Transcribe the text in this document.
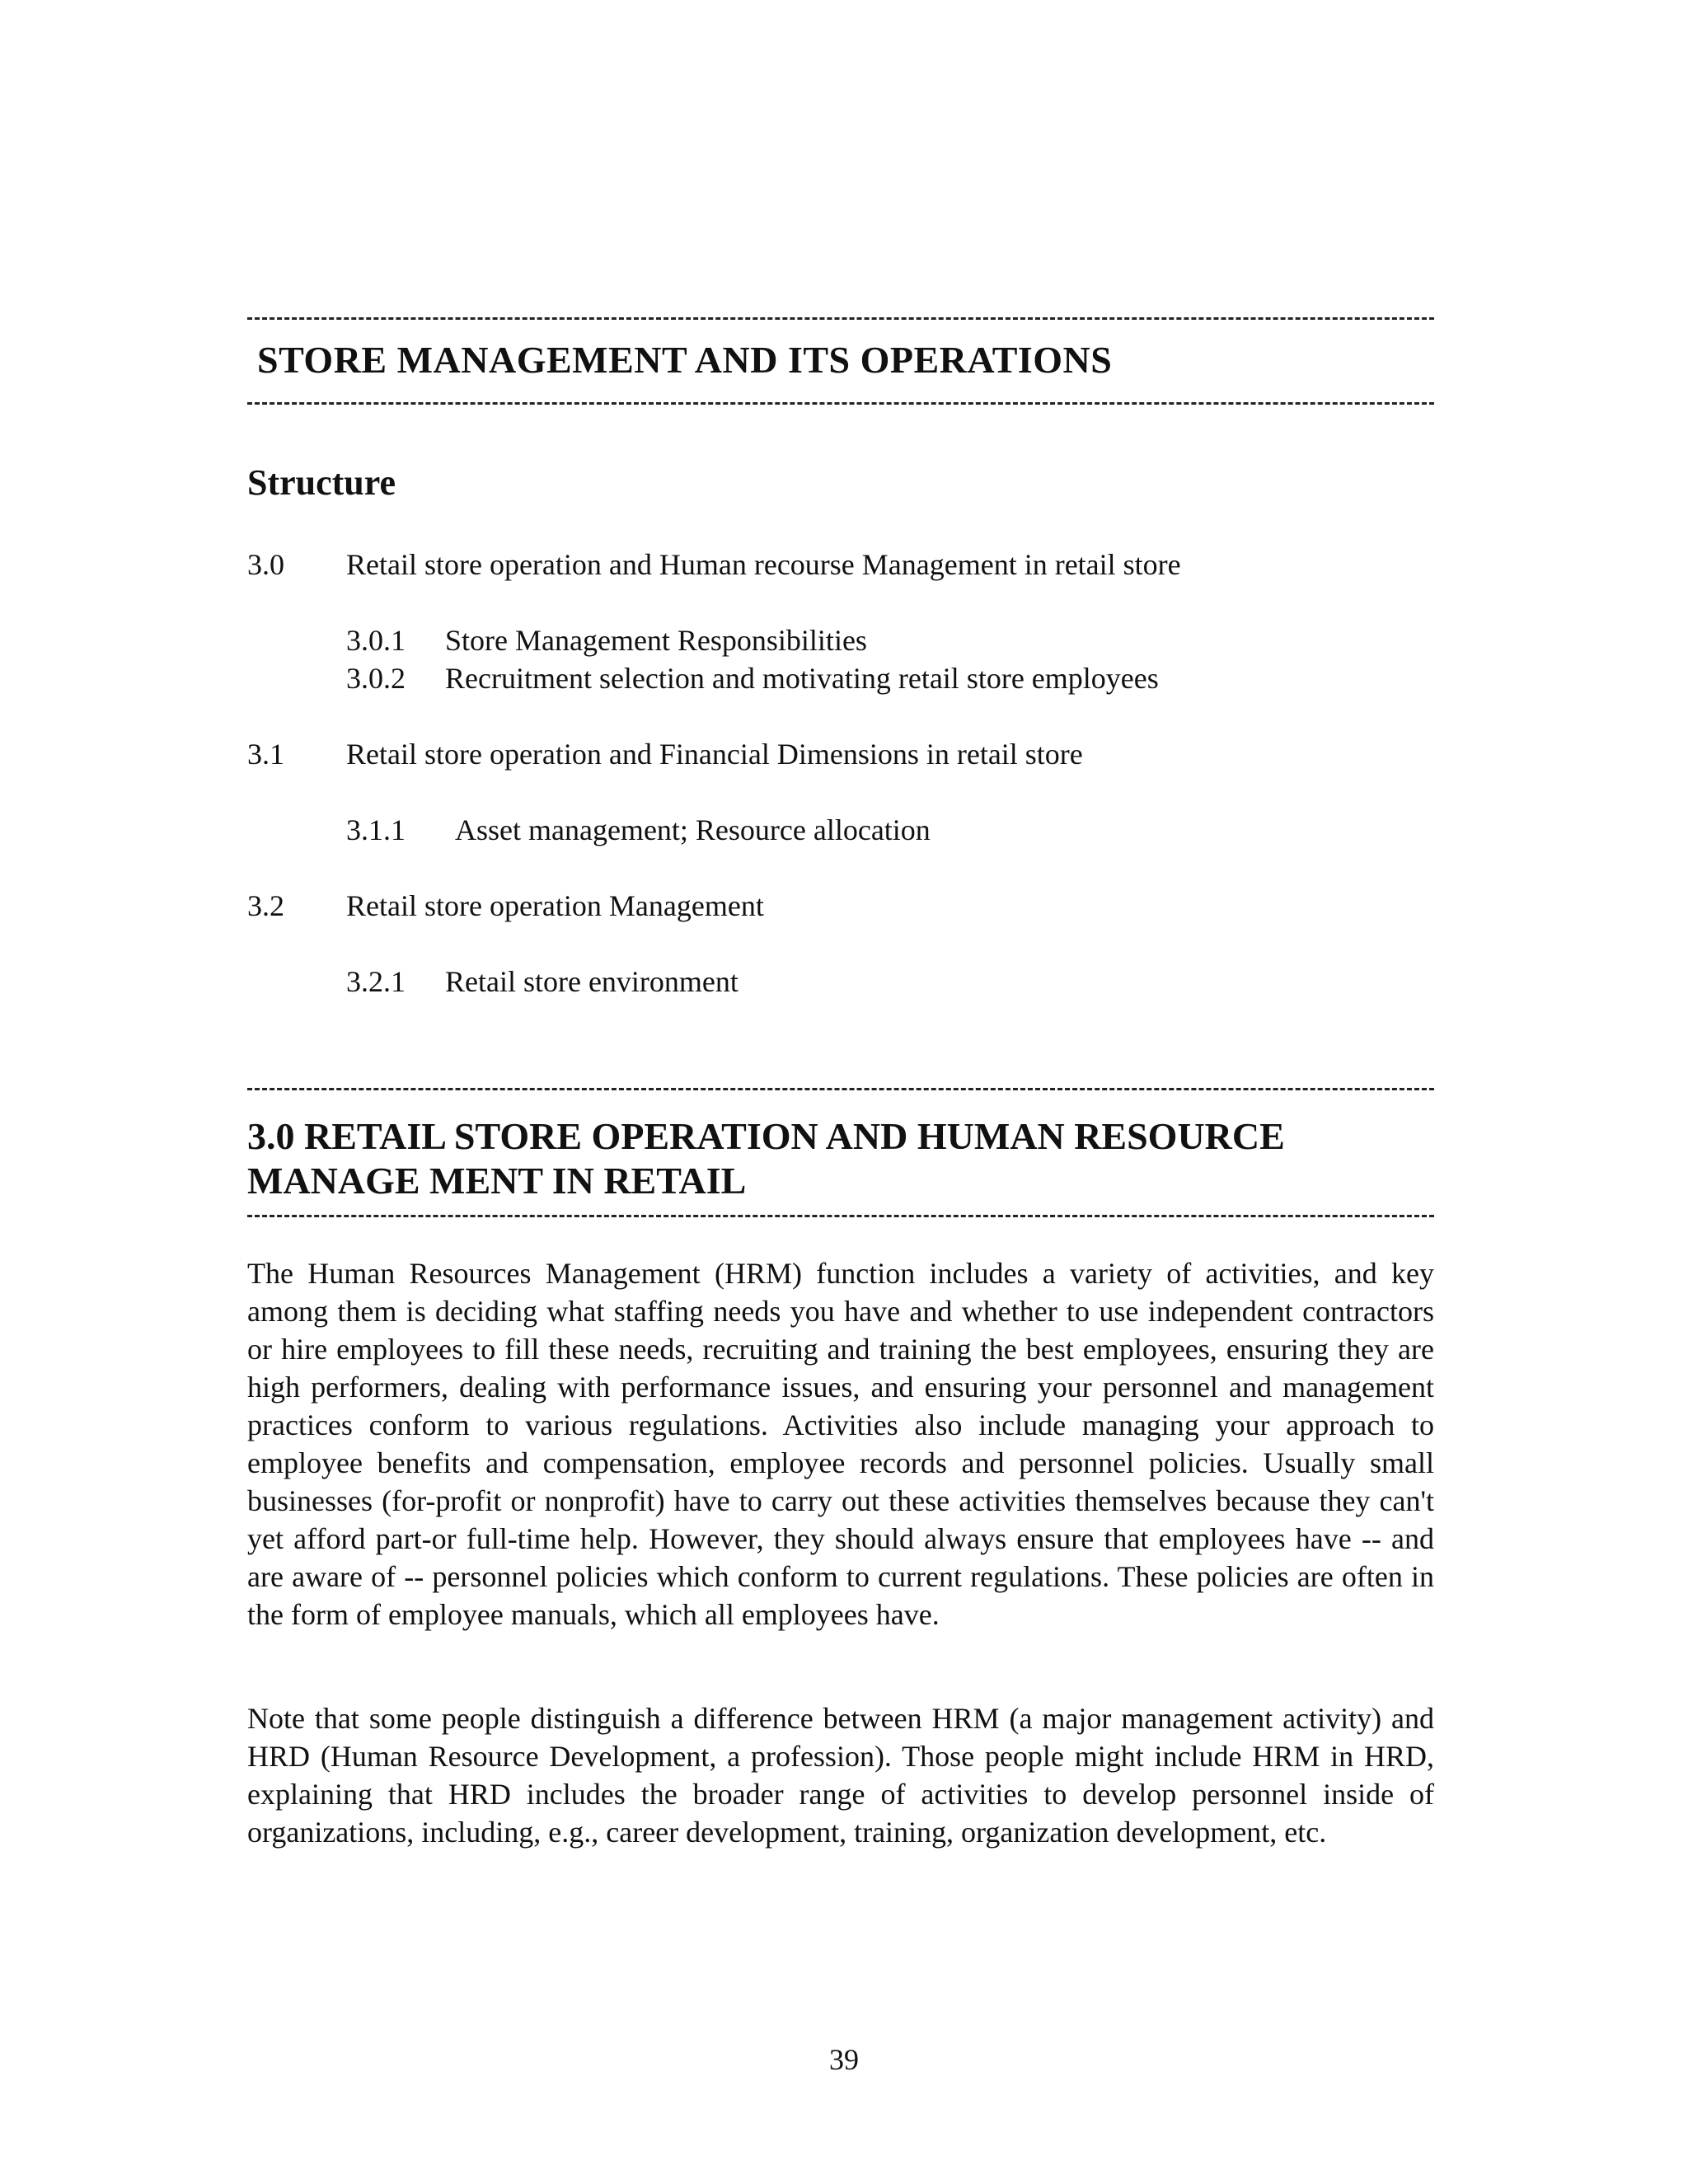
STORE MANAGEMENT AND ITS OPERATIONS
Structure
3.0 Retail store operation and Human recourse Management in retail store
3.0.1 Store Management Responsibilities
3.0.2 Recruitment selection and motivating retail store employees
3.1 Retail store operation and Financial Dimensions in retail store
3.1.1 Asset management; Resource allocation
3.2 Retail store operation Management
3.2.1 Retail store environment
3.0 RETAIL STORE OPERATION AND HUMAN RESOURCE
MANAGE MENT IN RETAIL

The Human Resources Management (HRM) function includes a variety of activities, and key among them is deciding what staffing needs you have and whether to use independent contractors or hire employees to fill these needs, recruiting and training the best employees, ensuring they are high performers, dealing with performance issues, and ensuring your personnel and management practices conform to various regulations. Activities also include managing your approach to employee benefits and compensation, employee records and personnel policies. Usually small businesses (for-profit or nonprofit) have to carry out these activities themselves because they can't yet afford part-or full-time help. However, they should always ensure that employees have -- and are aware of -- personnel policies which conform to current regulations. These policies are often in the form of employee manuals, which all employees have.

Note that some people distinguish a difference between HRM (a major management activity) and HRD (Human Resource Development, a profession). Those people might include HRM in HRD, explaining that HRD includes the broader range of activities to develop personnel inside of organizations, including, e.g., career development, training, organization development, etc.

39
